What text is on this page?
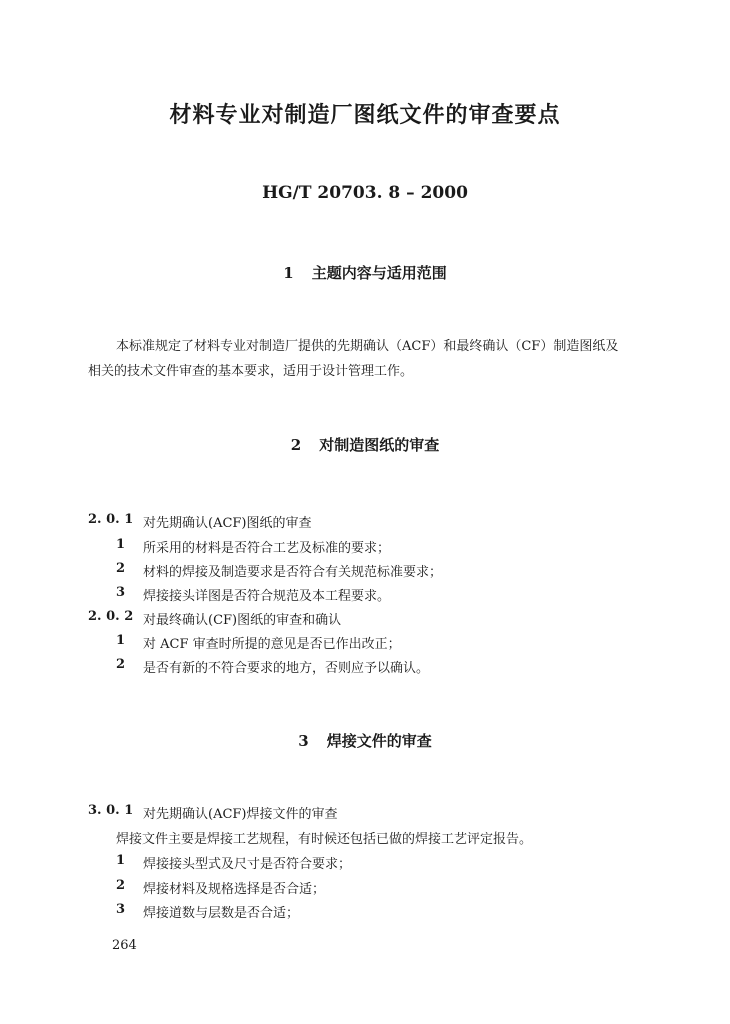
材料专业对制造厂图纸文件的审查要点
HG/T 20703. 8 – 2000
1 主题内容与适用范围
本标准规定了材料专业对制造厂提供的先期确认（ACF）和最终确认（CF）制造图纸及
相关的技术文件审查的基本要求，适用于设计管理工作。
2 对制造图纸的审查
2. 0. 1 对先期确认(ACF)图纸的审查
1 所采用的材料是否符合工艺及标准的要求；
2 材料的焊接及制造要求是否符合有关规范标准要求；
3 焊接接头详图是否符合规范及本工程要求。
2. 0. 2 对最终确认(CF)图纸的审查和确认
1 对 ACF 审查时所提的意见是否已作出改正；
2 是否有新的不符合要求的地方，否则应予以确认。
3 焊接文件的审查
3. 0. 1 对先期确认(ACF)焊接文件的审查
焊接文件主要是焊接工艺规程，有时候还包括已做的焊接工艺评定报告。
1 焊接接头型式及尺寸是否符合要求；
2 焊接材料及规格选择是否合适；
3 焊接道数与层数是否合适；
264
